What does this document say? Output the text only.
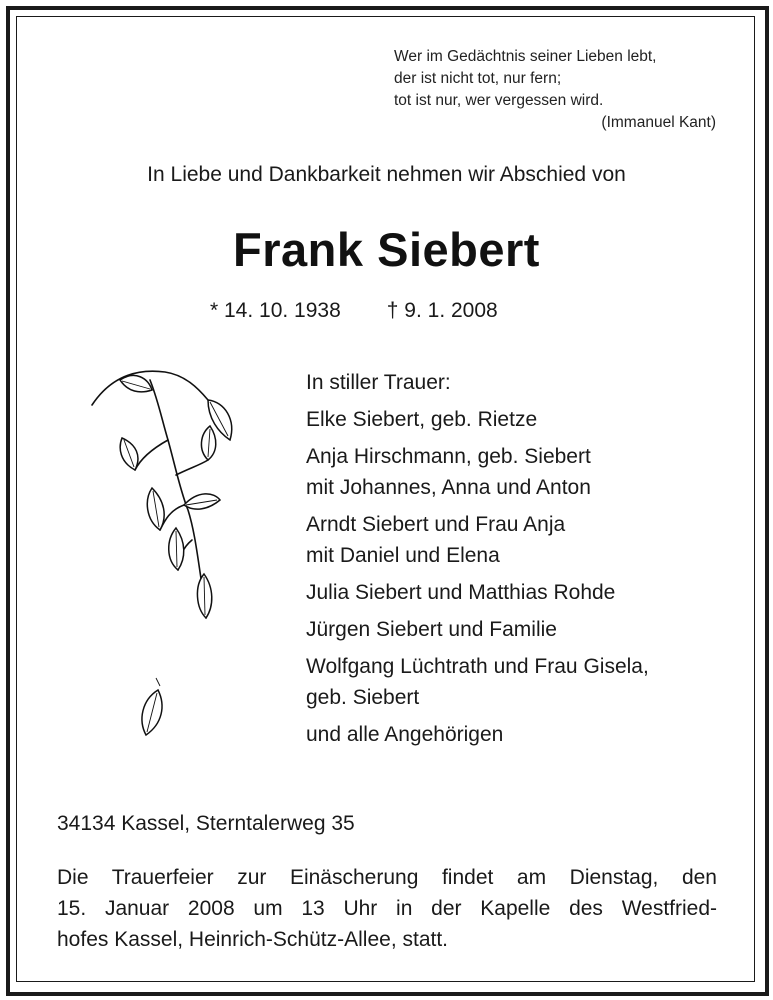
Wer im Gedächtnis seiner Lieben lebt,
der ist nicht tot, nur fern;
tot ist nur, wer vergessen wird.
(Immanuel Kant)
In Liebe und Dankbarkeit nehmen wir Abschied von
Frank Siebert
* 14. 10. 1938 † 9. 1. 2008
In stiller Trauer:
Elke Siebert, geb. Rietze
Anja Hirschmann, geb. Siebert
mit Johannes, Anna und Anton
Arndt Siebert und Frau Anja
mit Daniel und Elena
Julia Siebert und Matthias Rohde
Jürgen Siebert und Familie
Wolfgang Lüchtrath und Frau Gisela,
geb. Siebert
und alle Angehörigen
34134 Kassel, Sterntalerweg 35
Die Trauerfeier zur Einäscherung findet am Dienstag, den
15. Januar 2008 um 13 Uhr in der Kapelle des Westfried-
hofes Kassel, Heinrich-Schütz-Allee, statt.
